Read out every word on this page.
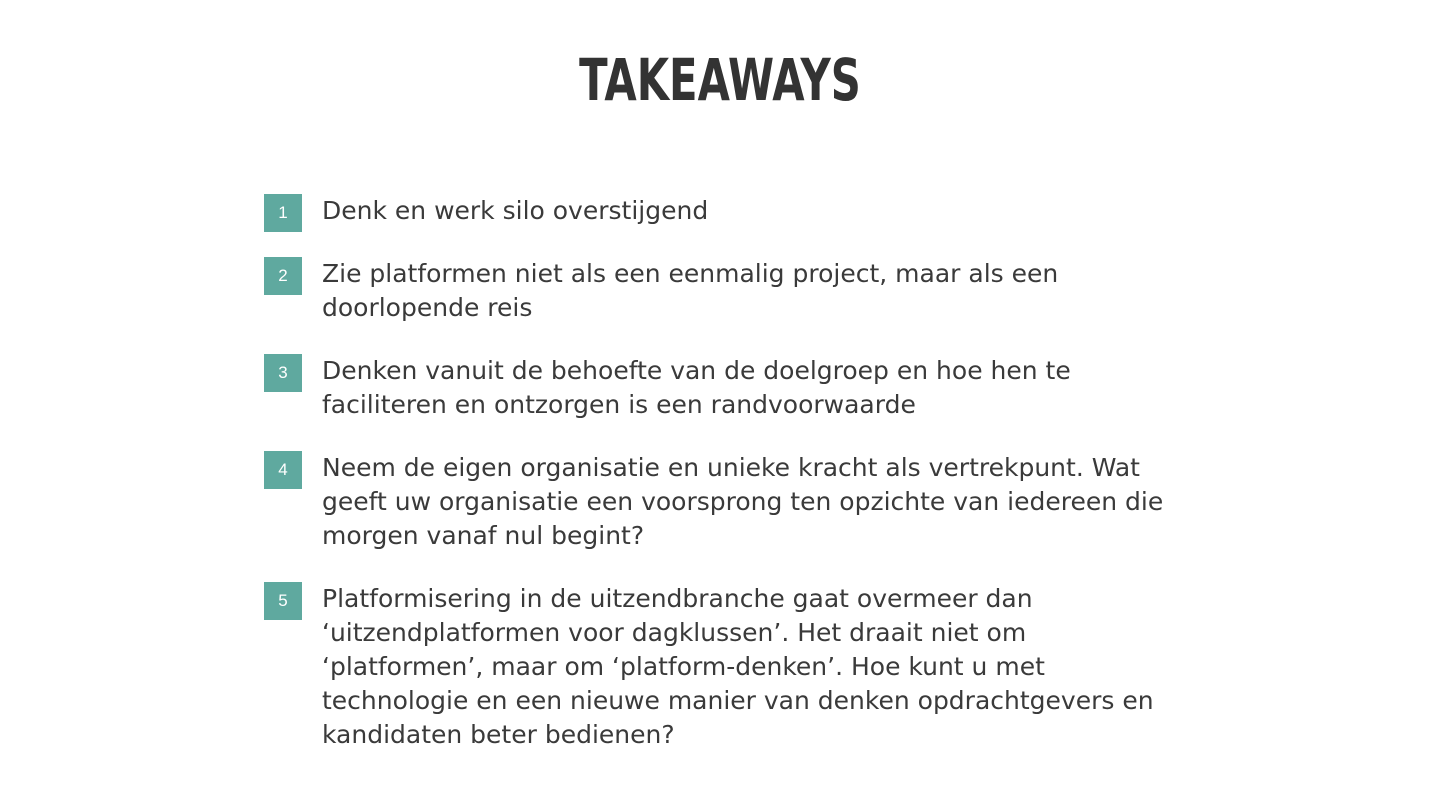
TAKEAWAYS
1	Denk en werk silo overstijgend
2	Zie platformen niet als een eenmalig project, maar als een doorlopende reis
3	Denken vanuit de behoefte van de doelgroep en hoe hen te faciliteren en ontzorgen is een randvoorwaarde
4	Neem de eigen organisatie en unieke kracht als vertrekpunt. Wat geeft uw organisatie een voorsprong ten opzichte van iedereen die morgen vanaf nul begint?
5	Platformisering in de uitzendbranche gaat overmeer dan ‘uitzendplatformen voor dagklussen’. Het draait niet om ‘platformen’, maar om ‘platform-denken’. Hoe kunt u met technologie en een nieuwe manier van denken opdrachtgevers en kandidaten beter bedienen?
